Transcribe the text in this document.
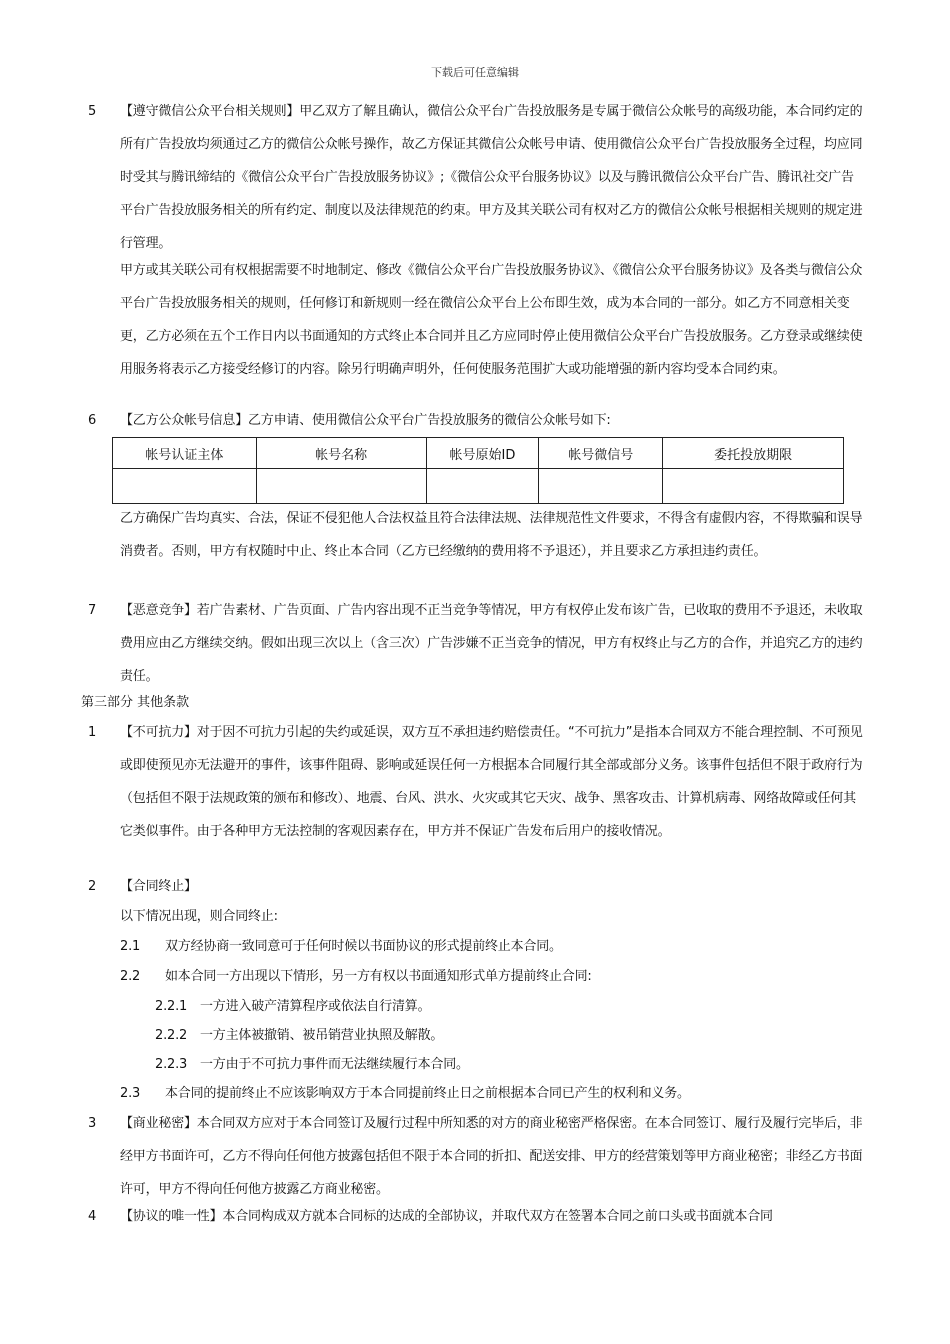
下载后可任意编辑
5 【遵守微信公众平台相关规则】甲乙双方了解且确认，微信公众平台广告投放服务是专属于微信公众帐号的高级功能，本合同约定的所有广告投放均须通过乙方的微信公众帐号操作，故乙方保证其微信公众帐号申请、使用微信公众平台广告投放服务全过程，均应同时受其与腾讯缔结的《微信公众平台广告投放服务协议》;《微信公众平台服务协议》以及与腾讯微信公众平台广告、腾讯社交广告平台广告投放服务相关的所有约定、制度以及法律规范的约束。甲方及其关联公司有权对乙方的微信公众帐号根据相关规则的规定进行管理。
甲方或其关联公司有权根据需要不时地制定、修改《微信公众平台广告投放服务协议》、《微信公众平台服务协议》及各类与微信公众平台广告投放服务相关的规则，任何修订和新规则一经在微信公众平台上公布即生效，成为本合同的一部分。如乙方不同意相关变更，乙方必须在五个工作日内以书面通知的方式终止本合同并且乙方应同时停止使用微信公众平台广告投放服务。乙方登录或继续使用服务将表示乙方接受经修订的内容。除另行明确声明外，任何使服务范围扩大或功能增强的新内容均受本合同约束。
6 【乙方公众帐号信息】乙方申请、使用微信公众平台广告投放服务的微信公众帐号如下:
帐号认证主体	帐号名称	帐号原始ID	帐号微信号	委托投放期限

乙方确保广告均真实、合法，保证不侵犯他人合法权益且符合法律法规、法律规范性文件要求，不得含有虚假内容，不得欺骗和误导消费者。否则，甲方有权随时中止、终止本合同（乙方已经缴纳的费用将不予退还），并且要求乙方承担违约责任。
7 【恶意竞争】若广告素材、广告页面、广告内容出现不正当竞争等情况，甲方有权停止发布该广告，已收取的费用不予退还，未收取费用应由乙方继续交纳。假如出现三次以上（含三次）广告涉嫌不正当竞争的情况，甲方有权终止与乙方的合作，并追究乙方的违约责任。
第三部分 其他条款
1 【不可抗力】对于因不可抗力引起的失约或延误，双方互不承担违约赔偿责任。“不可抗力”是指本合同双方不能合理控制、不可预见或即使预见亦无法避开的事件，该事件阻碍、影响或延误任何一方根据本合同履行其全部或部分义务。该事件包括但不限于政府行为（包括但不限于法规政策的颁布和修改）、地震、台风、洪水、火灾或其它天灾、战争、黑客攻击、计算机病毒、网络故障或任何其它类似事件。由于各种甲方无法控制的客观因素存在，甲方并不保证广告发布后用户的接收情况。
2 【合同终止】
以下情况出现，则合同终止:
2.1 双方经协商一致同意可于任何时候以书面协议的形式提前终止本合同。
2.2 如本合同一方出现以下情形，另一方有权以书面通知形式单方提前终止合同:
2.2.1 一方进入破产清算程序或依法自行清算。
2.2.2 一方主体被撤销、被吊销营业执照及解散。
2.2.3 一方由于不可抗力事件而无法继续履行本合同。
2.3 本合同的提前终止不应该影响双方于本合同提前终止日之前根据本合同已产生的权利和义务。
3 【商业秘密】本合同双方应对于本合同签订及履行过程中所知悉的对方的商业秘密严格保密。在本合同签订、履行及履行完毕后，非经甲方书面许可，乙方不得向任何他方披露包括但不限于本合同的折扣、配送安排、甲方的经营策划等甲方商业秘密；非经乙方书面许可，甲方不得向任何他方披露乙方商业秘密。
4 【协议的唯一性】本合同构成双方就本合同标的达成的全部协议，并取代双方在签署本合同之前口头或书面就本合同
